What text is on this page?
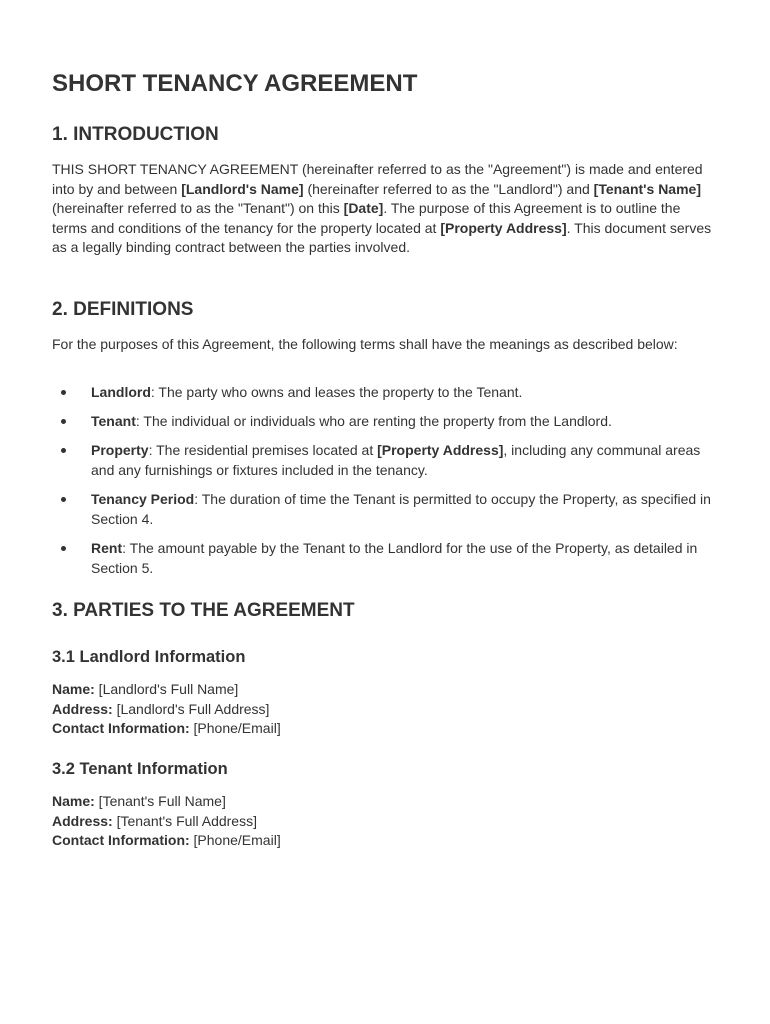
SHORT TENANCY AGREEMENT
1. INTRODUCTION

THIS SHORT TENANCY AGREEMENT (hereinafter referred to as the "Agreement") is made and entered into by and between [Landlord's Name] (hereinafter referred to as the "Landlord") and [Tenant's Name] (hereinafter referred to as the "Tenant") on this [Date]. The purpose of this Agreement is to outline the terms and conditions of the tenancy for the property located at [Property Address]. This document serves as a legally binding contract between the parties involved.

2. DEFINITIONS

For the purposes of this Agreement, the following terms shall have the meanings as described below:

Landlord: The party who owns and leases the property to the Tenant.
Tenant: The individual or individuals who are renting the property from the Landlord.
Property: The residential premises located at [Property Address], including any communal areas and any furnishings or fixtures included in the tenancy.
Tenancy Period: The duration of time the Tenant is permitted to occupy the Property, as specified in Section 4.
Rent: The amount payable by the Tenant to the Landlord for the use of the Property, as detailed in Section 5.
3. PARTIES TO THE AGREEMENT
3.1 Landlord Information
Name: [Landlord's Full Name]
Address: [Landlord's Full Address]
Contact Information: [Phone/Email]
3.2 Tenant Information
Name: [Tenant's Full Name]
Address: [Tenant's Full Address]
Contact Information: [Phone/Email]
